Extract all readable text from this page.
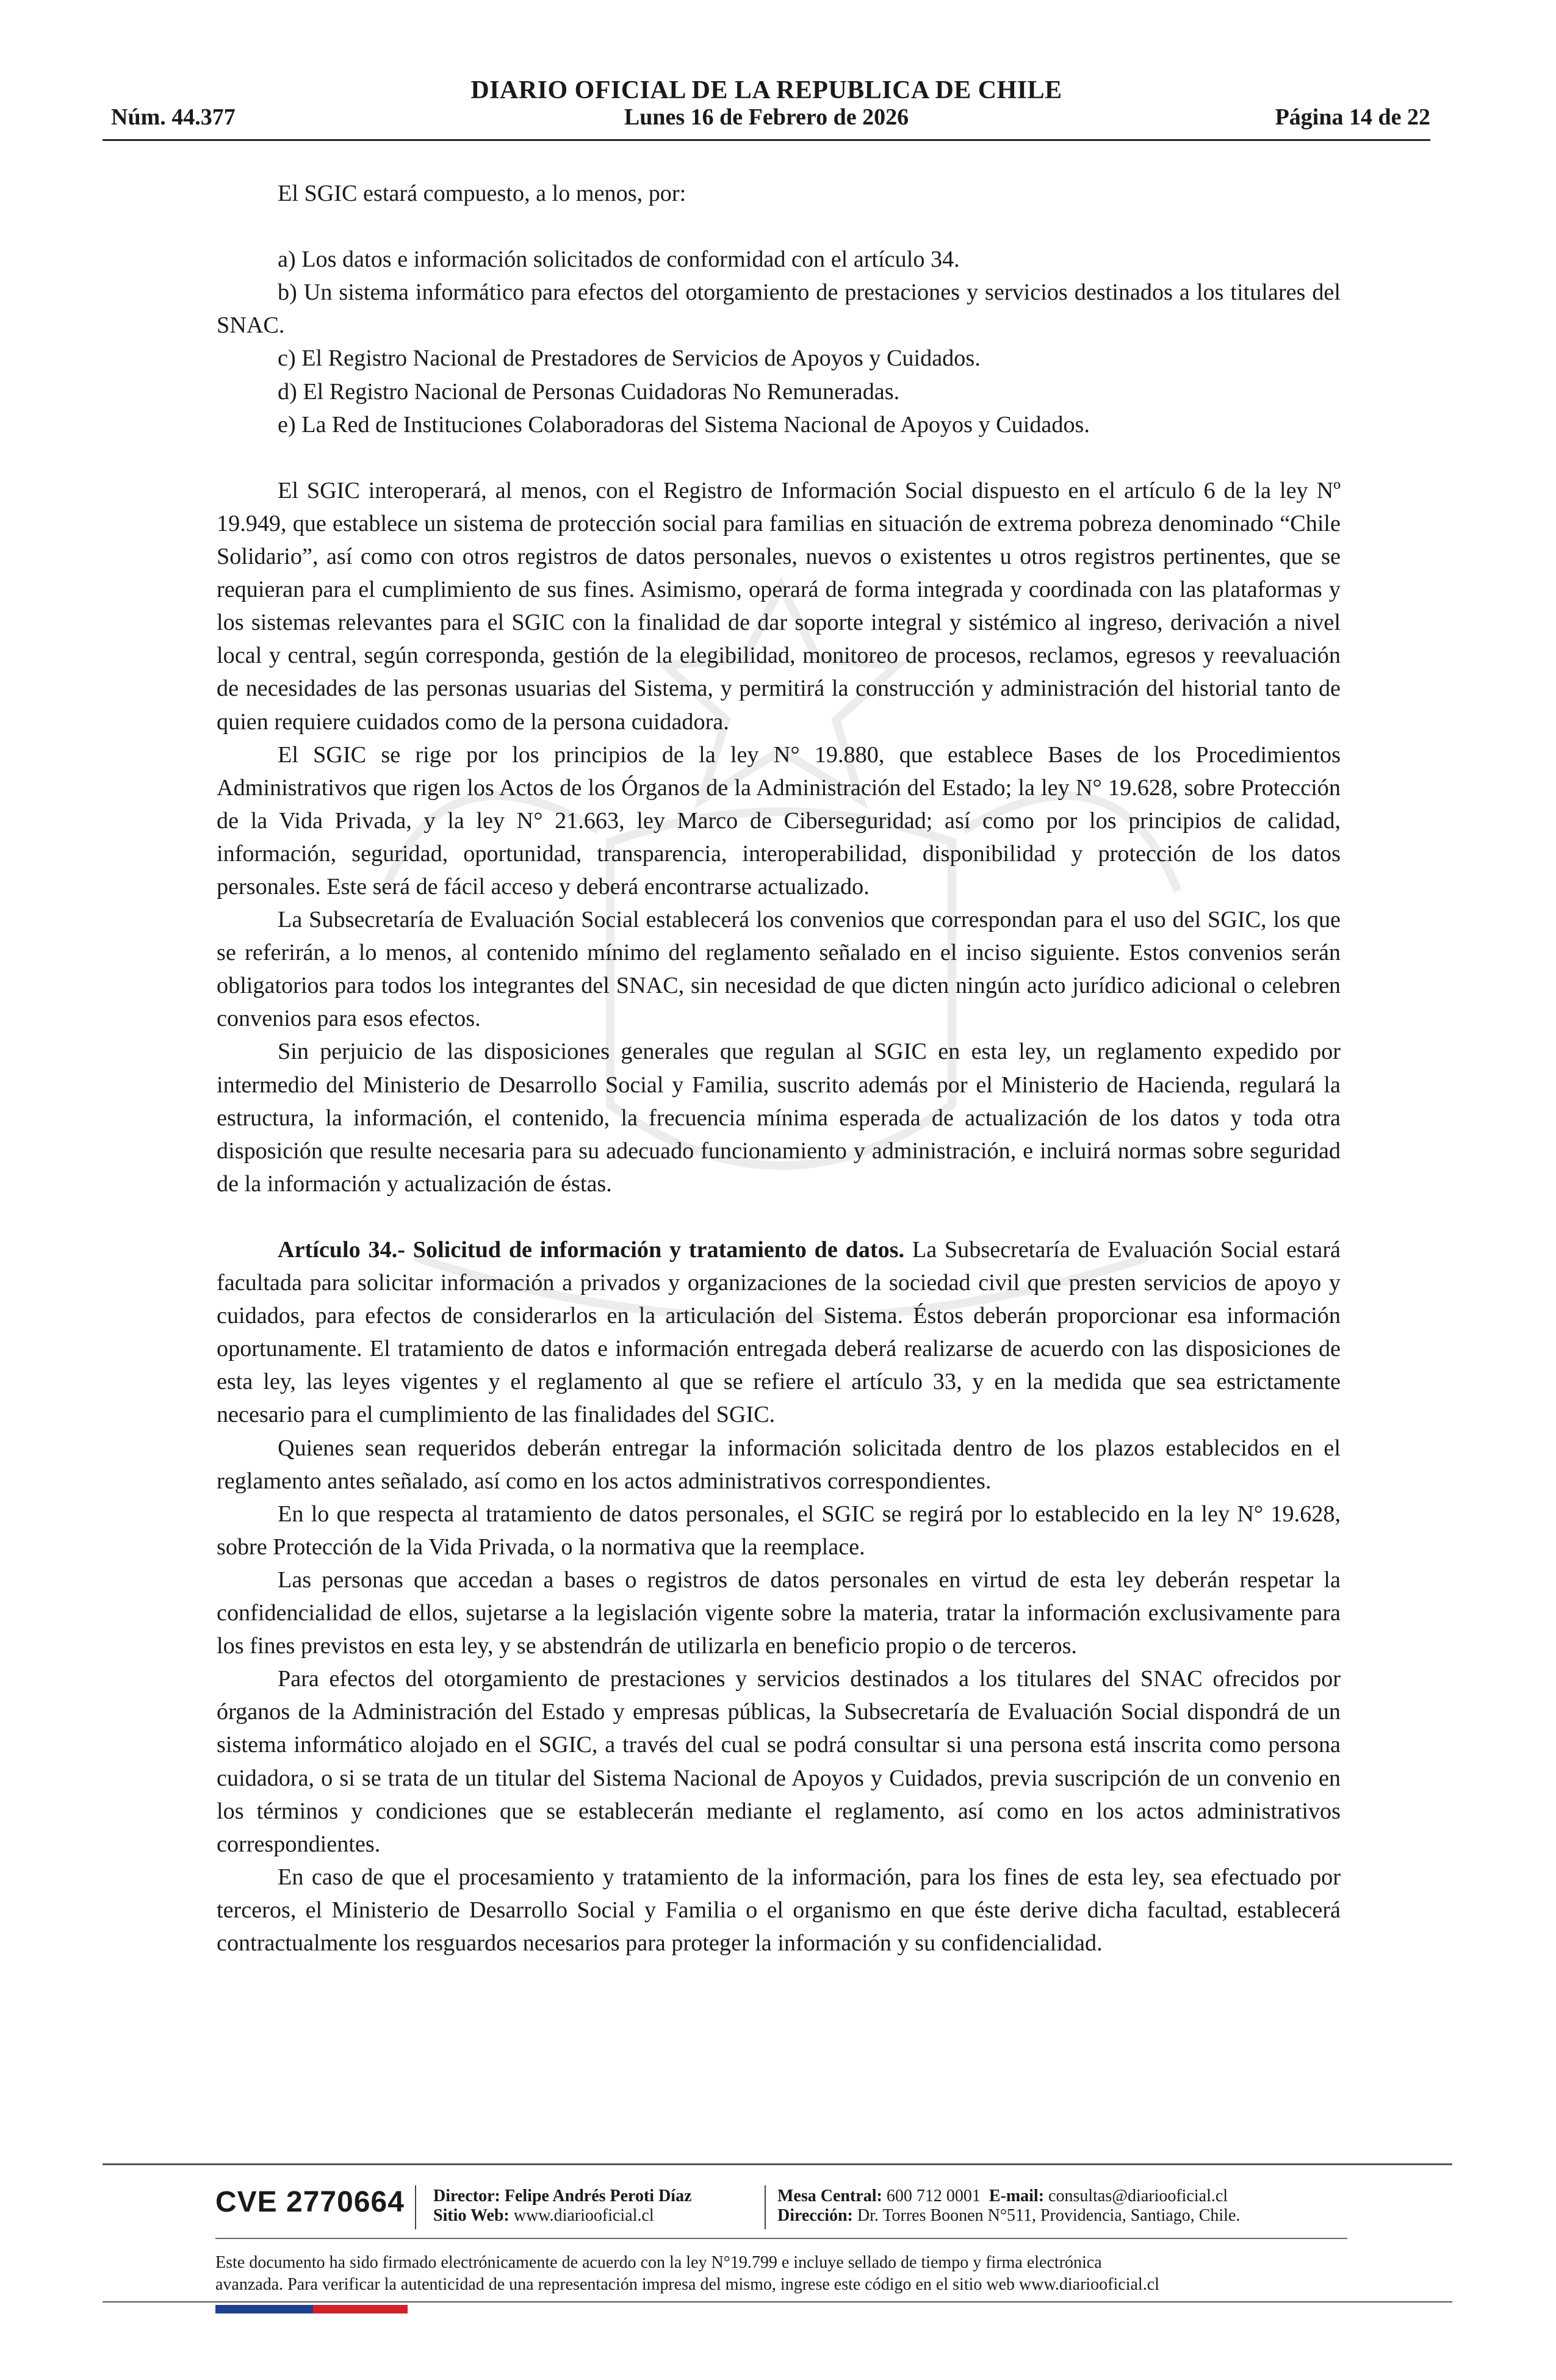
DIARIO OFICIAL DE LA REPUBLICA DE CHILE
Núm. 44.377	Lunes 16 de Febrero de 2026	Página 14 de 22

El SGIC estará compuesto, a lo menos, por:

a) Los datos e información solicitados de conformidad con el artículo 34.

b) Un sistema informático para efectos del otorgamiento de prestaciones y servicios destinados a los titulares del SNAC.

c) El Registro Nacional de Prestadores de Servicios de Apoyos y Cuidados.

d) El Registro Nacional de Personas Cuidadoras No Remuneradas.

e) La Red de Instituciones Colaboradoras del Sistema Nacional de Apoyos y Cuidados.

El SGIC interoperará, al menos, con el Registro de Información Social dispuesto en el artículo 6 de la ley Nº 19.949, que establece un sistema de protección social para familias en situación de extrema pobreza denominado “Chile Solidario”, así como con otros registros de datos personales, nuevos o existentes u otros registros pertinentes, que se requieran para el cumplimiento de sus fines. Asimismo, operará de forma integrada y coordinada con las plataformas y los sistemas relevantes para el SGIC con la finalidad de dar soporte integral y sistémico al ingreso, derivación a nivel local y central, según corresponda, gestión de la elegibilidad, monitoreo de procesos, reclamos, egresos y reevaluación de necesidades de las personas usuarias del Sistema, y permitirá la construcción y administración del historial tanto de quien requiere cuidados como de la persona cuidadora.

El SGIC se rige por los principios de la ley N° 19.880, que establece Bases de los Procedimientos Administrativos que rigen los Actos de los Órganos de la Administración del Estado; la ley N° 19.628, sobre Protección de la Vida Privada, y la ley N° 21.663, ley Marco de Ciberseguridad; así como por los principios de calidad, información, seguridad, oportunidad, transparencia, interoperabilidad, disponibilidad y protección de los datos personales. Este será de fácil acceso y deberá encontrarse actualizado.

La Subsecretaría de Evaluación Social establecerá los convenios que correspondan para el uso del SGIC, los que se referirán, a lo menos, al contenido mínimo del reglamento señalado en el inciso siguiente. Estos convenios serán obligatorios para todos los integrantes del SNAC, sin necesidad de que dicten ningún acto jurídico adicional o celebren convenios para esos efectos.

Sin perjuicio de las disposiciones generales que regulan al SGIC en esta ley, un reglamento expedido por intermedio del Ministerio de Desarrollo Social y Familia, suscrito además por el Ministerio de Hacienda, regulará la estructura, la información, el contenido, la frecuencia mínima esperada de actualización de los datos y toda otra disposición que resulte necesaria para su adecuado funcionamiento y administración, e incluirá normas sobre seguridad de la información y actualización de éstas.

Artículo 34.- Solicitud de información y tratamiento de datos. La Subsecretaría de Evaluación Social estará facultada para solicitar información a privados y organizaciones de la sociedad civil que presten servicios de apoyo y cuidados, para efectos de considerarlos en la articulación del Sistema. Éstos deberán proporcionar esa información oportunamente. El tratamiento de datos e información entregada deberá realizarse de acuerdo con las disposiciones de esta ley, las leyes vigentes y el reglamento al que se refiere el artículo 33, y en la medida que sea estrictamente necesario para el cumplimiento de las finalidades del SGIC.

Quienes sean requeridos deberán entregar la información solicitada dentro de los plazos establecidos en el reglamento antes señalado, así como en los actos administrativos correspondientes.

En lo que respecta al tratamiento de datos personales, el SGIC se regirá por lo establecido en la ley N° 19.628, sobre Protección de la Vida Privada, o la normativa que la reemplace.

Las personas que accedan a bases o registros de datos personales en virtud de esta ley deberán respetar la confidencialidad de ellos, sujetarse a la legislación vigente sobre la materia, tratar la información exclusivamente para los fines previstos en esta ley, y se abstendrán de utilizarla en beneficio propio o de terceros.

Para efectos del otorgamiento de prestaciones y servicios destinados a los titulares del SNAC ofrecidos por órganos de la Administración del Estado y empresas públicas, la Subsecretaría de Evaluación Social dispondrá de un sistema informático alojado en el SGIC, a través del cual se podrá consultar si una persona está inscrita como persona cuidadora, o si se trata de un titular del Sistema Nacional de Apoyos y Cuidados, previa suscripción de un convenio en los términos y condiciones que se establecerán mediante el reglamento, así como en los actos administrativos correspondientes.

En caso de que el procesamiento y tratamiento de la información, para los fines de esta ley, sea efectuado por terceros, el Ministerio de Desarrollo Social y Familia o el organismo en que éste derive dicha facultad, establecerá contractualmente los resguardos necesarios para proteger la información y su confidencialidad.

CVE 2770664 Director: Felipe Andrés Peroti Díaz
Sitio Web: www.diariooficial.cl
Mesa Central: 600 712 0001 E-mail: consultas@diariooficial.cl
Dirección: Dr. Torres Boonen N°511, Providencia, Santiago, Chile.
Este documento ha sido firmado electrónicamente de acuerdo con la ley N°19.799 e incluye sellado de tiempo y firma electrónica
avanzada. Para verificar la autenticidad de una representación impresa del mismo, ingrese este código en el sitio web www.diariooficial.cl
